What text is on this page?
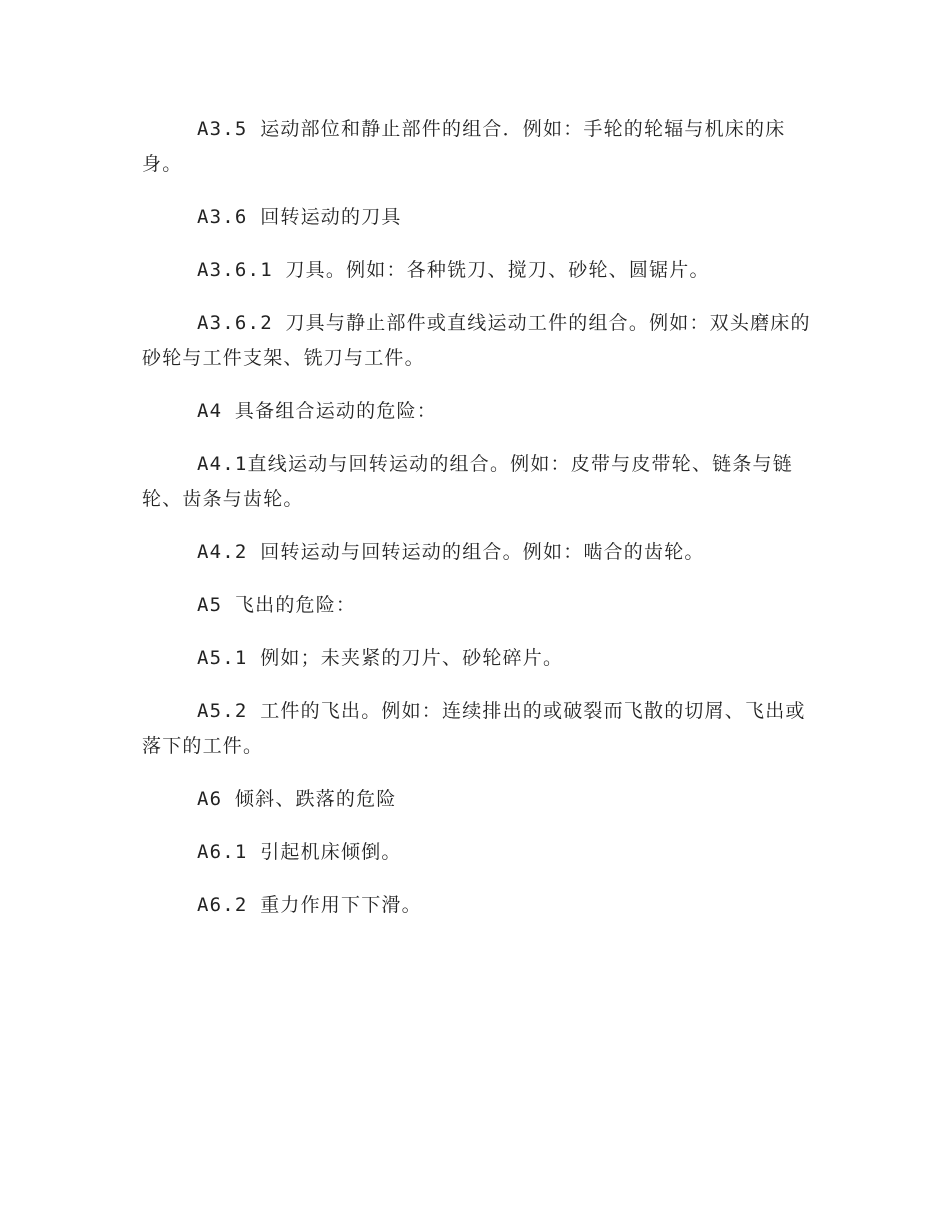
A3.5 运动部位和静止部件的组合．例如：手轮的轮辐与机床的床身。

A3.6 回转运动的刀具

A3.6.1 刀具。例如：各种铣刀、搅刀、砂轮、圆锯片。

A3.6.2 刀具与静止部件或直线运动工件的组合。例如：双头磨床的砂轮与工件支架、铣刀与工件。

A4 具备组合运动的危险：

A4.1直线运动与回转运动的组合。例如：皮带与皮带轮、链条与链轮、齿条与齿轮。

A4.2 回转运动与回转运动的组合。例如：啮合的齿轮。

A5 飞出的危险：

A5.1 例如；未夹紧的刀片、砂轮碎片。

A5.2 工件的飞出。例如：连续排出的或破裂而飞散的切屑、飞出或落下的工件。

A6 倾斜、跌落的危险

A6.1 引起机床倾倒。

A6.2 重力作用下下滑。
